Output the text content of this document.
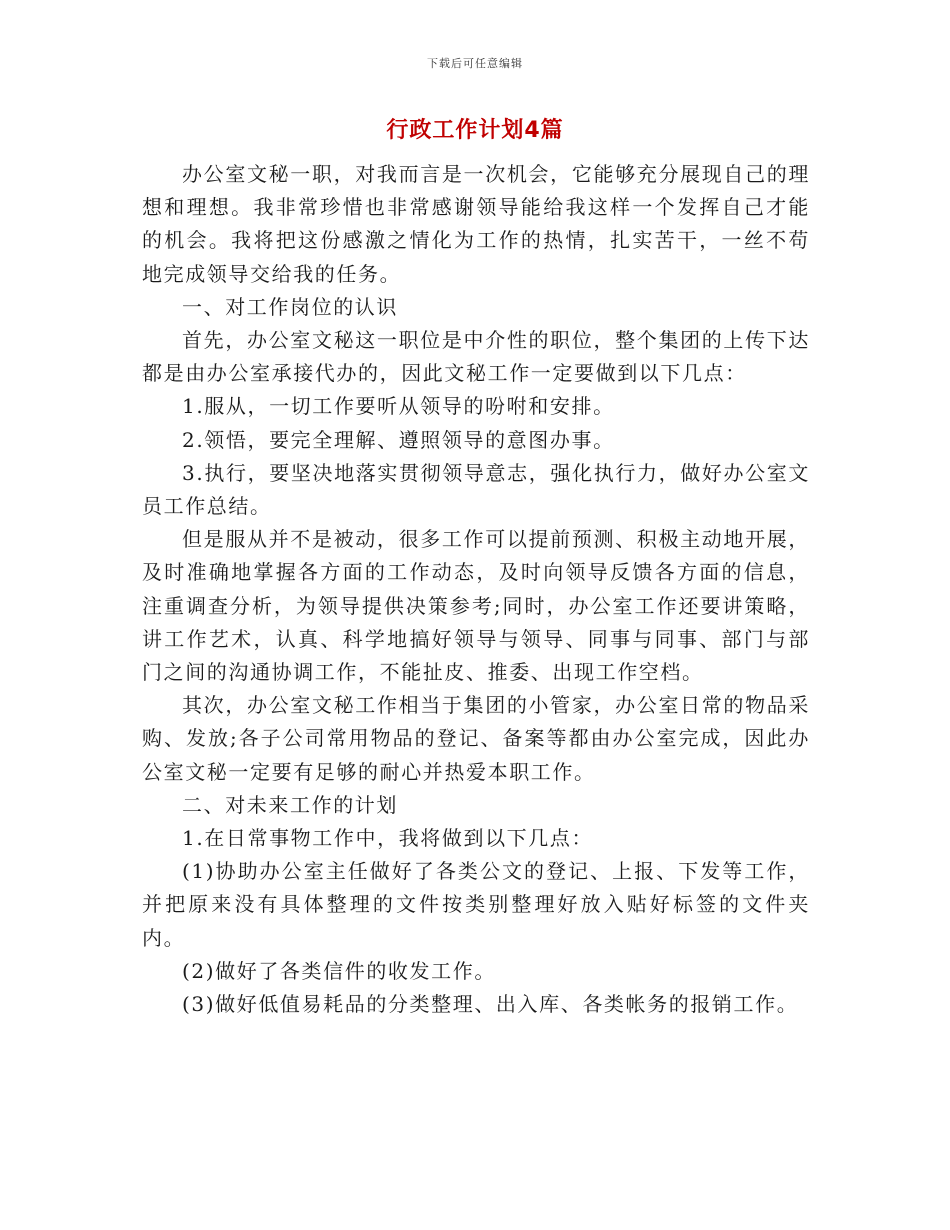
下载后可任意编辑
行政工作计划4篇

办公室文秘一职，对我而言是一次机会，它能够充分展现自己的理想和理想。我非常珍惜也非常感谢领导能给我这样一个发挥自己才能的机会。我将把这份感激之情化为工作的热情，扎实苦干，一丝不苟地完成领导交给我的任务。

一、对工作岗位的认识

首先，办公室文秘这一职位是中介性的职位，整个集团的上传下达都是由办公室承接代办的，因此文秘工作一定要做到以下几点：

1.服从，一切工作要听从领导的吩咐和安排。

2.领悟，要完全理解、遵照领导的意图办事。

3.执行，要坚决地落实贯彻领导意志，强化执行力，做好办公室文员工作总结。

但是服从并不是被动，很多工作可以提前预测、积极主动地开展，及时准确地掌握各方面的工作动态，及时向领导反馈各方面的信息，注重调查分析，为领导提供决策参考;同时，办公室工作还要讲策略，讲工作艺术，认真、科学地搞好领导与领导、同事与同事、部门与部门之间的沟通协调工作，不能扯皮、推委、出现工作空档。

其次，办公室文秘工作相当于集团的小管家，办公室日常的物品采购、发放;各子公司常用物品的登记、备案等都由办公室完成，因此办公室文秘一定要有足够的耐心并热爱本职工作。

二、对未来工作的计划

1.在日常事物工作中，我将做到以下几点：

(1)协助办公室主任做好了各类公文的登记、上报、下发等工作，并把原来没有具体整理的文件按类别整理好放入贴好标签的文件夹内。

(2)做好了各类信件的收发工作。

(3)做好低值易耗品的分类整理、出入库、各类帐务的报销工作。
